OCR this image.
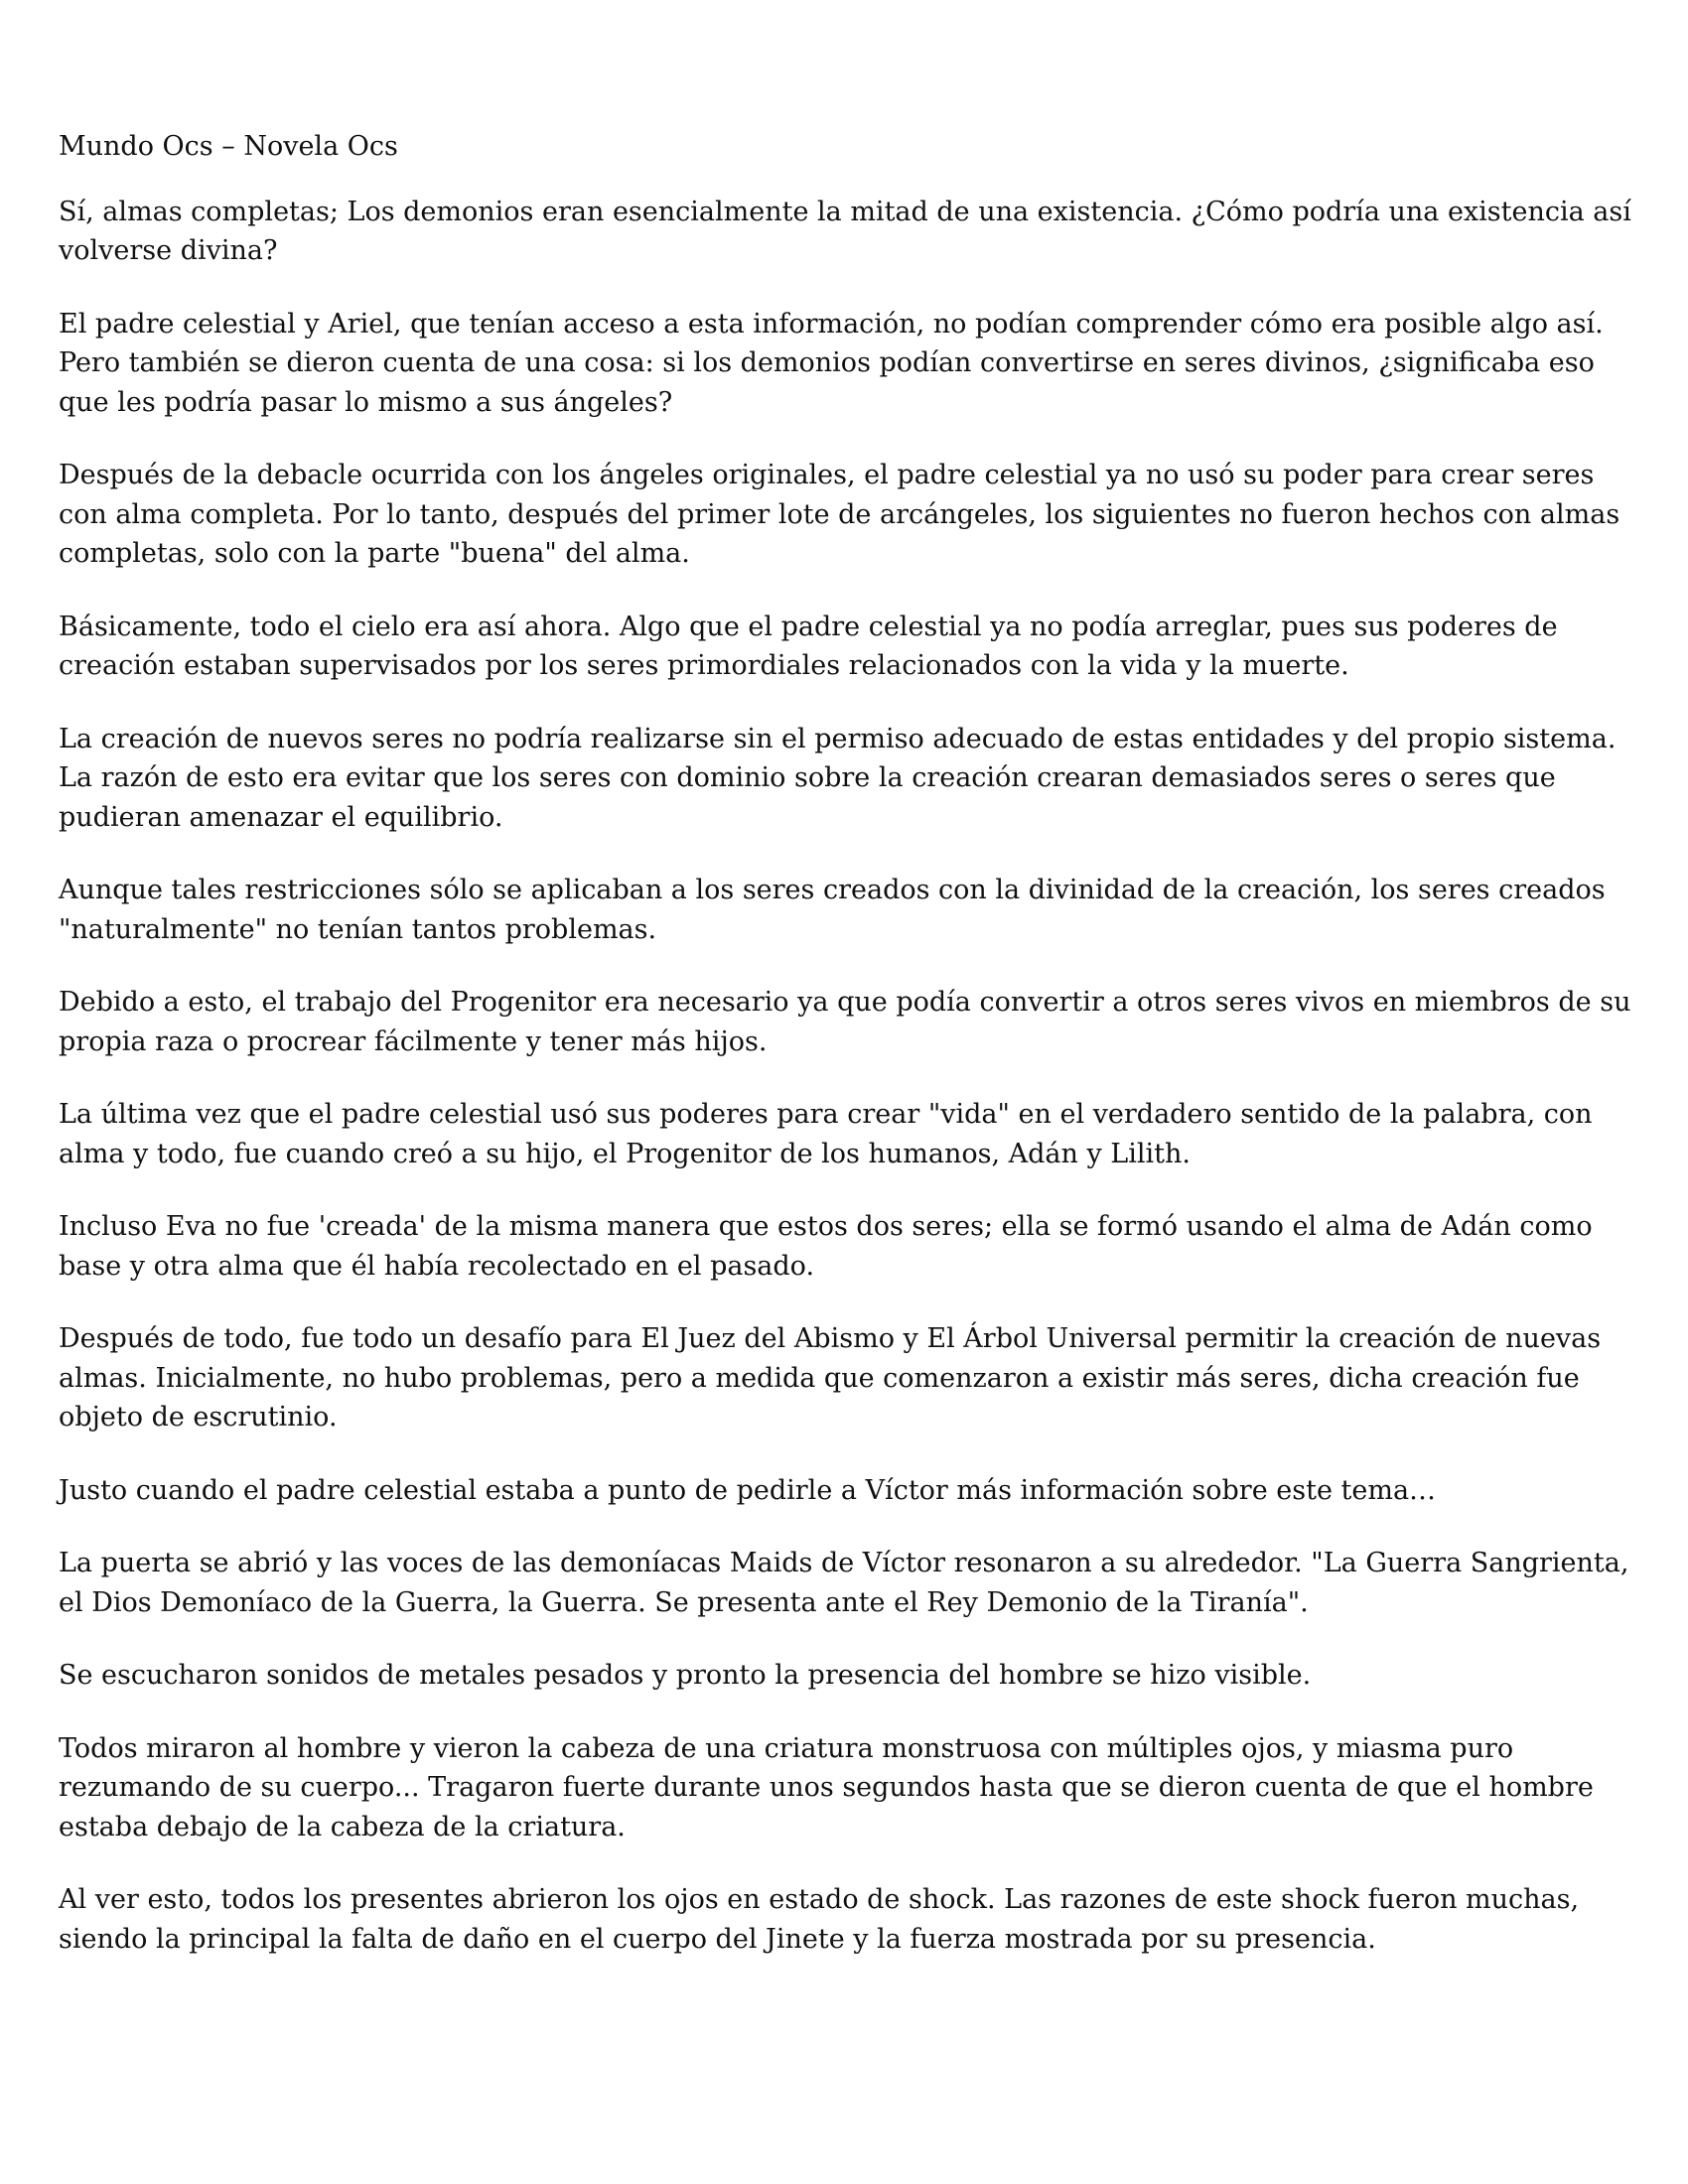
Mundo Ocs – Novela Ocs

Sí, almas completas; Los demonios eran esencialmente la mitad de una existencia. ¿Cómo podría una existencia así volverse divina?

El padre celestial y Ariel, que tenían acceso a esta información, no podían comprender cómo era posible algo así. Pero también se dieron cuenta de una cosa: si los demonios podían convertirse en seres divinos, ¿significaba eso que les podría pasar lo mismo a sus ángeles?

Después de la debacle ocurrida con los ángeles originales, el padre celestial ya no usó su poder para crear seres con alma completa. Por lo tanto, después del primer lote de arcángeles, los siguientes no fueron hechos con almas completas, solo con la parte "buena" del alma.

Básicamente, todo el cielo era así ahora. Algo que el padre celestial ya no podía arreglar, pues sus poderes de creación estaban supervisados por los seres primordiales relacionados con la vida y la muerte.

La creación de nuevos seres no podría realizarse sin el permiso adecuado de estas entidades y del propio sistema. La razón de esto era evitar que los seres con dominio sobre la creación crearan demasiados seres o seres que pudieran amenazar el equilibrio.

Aunque tales restricciones sólo se aplicaban a los seres creados con la divinidad de la creación, los seres creados "naturalmente" no tenían tantos problemas.

Debido a esto, el trabajo del Progenitor era necesario ya que podía convertir a otros seres vivos en miembros de su propia raza o procrear fácilmente y tener más hijos.

La última vez que el padre celestial usó sus poderes para crear "vida" en el verdadero sentido de la palabra, con alma y todo, fue cuando creó a su hijo, el Progenitor de los humanos, Adán y Lilith.

Incluso Eva no fue 'creada' de la misma manera que estos dos seres; ella se formó usando el alma de Adán como base y otra alma que él había recolectado en el pasado.

Después de todo, fue todo un desafío para El Juez del Abismo y El Árbol Universal permitir la creación de nuevas almas. Inicialmente, no hubo problemas, pero a medida que comenzaron a existir más seres, dicha creación fue objeto de escrutinio.

Justo cuando el padre celestial estaba a punto de pedirle a Víctor más información sobre este tema…

La puerta se abrió y las voces de las demoníacas Maids de Víctor resonaron a su alrededor. "La Guerra Sangrienta, el Dios Demoníaco de la Guerra, la Guerra. Se presenta ante el Rey Demonio de la Tiranía".

Se escucharon sonidos de metales pesados y pronto la presencia del hombre se hizo visible.

Todos miraron al hombre y vieron la cabeza de una criatura monstruosa con múltiples ojos, y miasma puro rezumando de su cuerpo... Tragaron fuerte durante unos segundos hasta que se dieron cuenta de que el hombre estaba debajo de la cabeza de la criatura.

Al ver esto, todos los presentes abrieron los ojos en estado de shock. Las razones de este shock fueron muchas, siendo la principal la falta de daño en el cuerpo del Jinete y la fuerza mostrada por su presencia.
